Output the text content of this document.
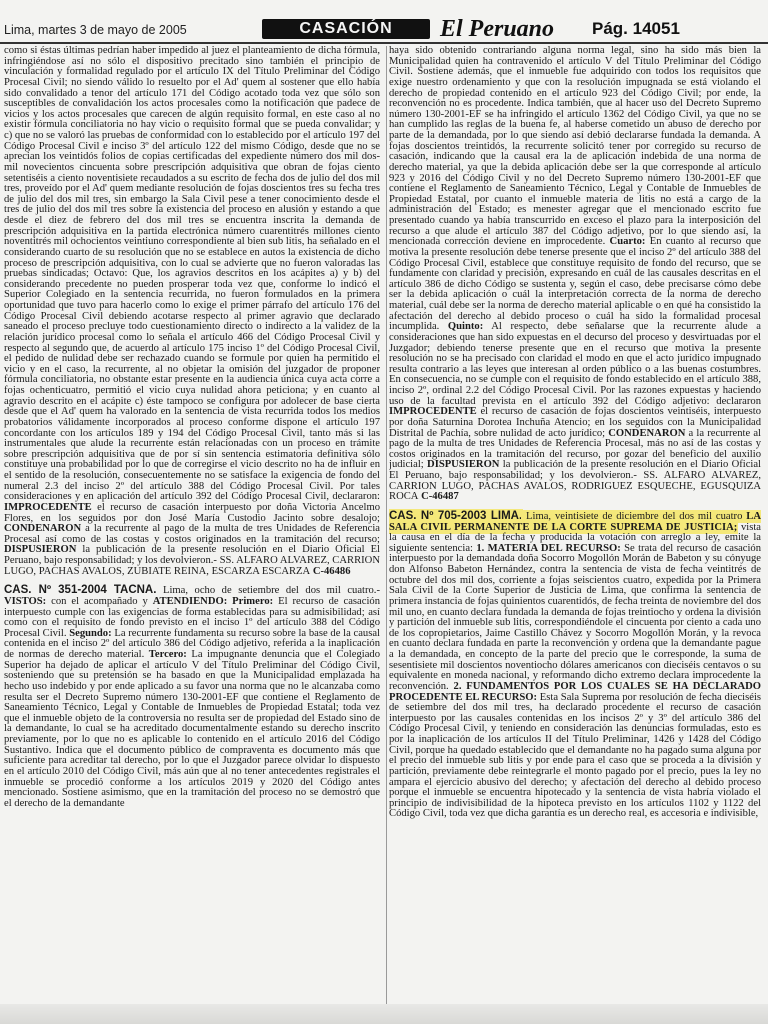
Lima, martes 3 de mayo de 2005	CASACIÓN	El Peruano Pág. 14051

como si éstas últimas pedrían haber impedido al juez el planteamiento de dicha fórmula, infringiéndose así no sólo el dispositivo precitado sino también el principio de vinculación y formalidad regulado por el artículo IX del Título Preliminar del Código Procesal Civil; no siendo válido lo resuelto por el Ad' quem al sostener que ello había sido convalidado a tenor del artículo 171 del Código acotado toda vez que sólo son susceptibles de convalidación los actos procesales como la notificación que padece de vicios y los actos procesales que carecen de algún requisito formal, en este caso al no existir fórmula conciliatoria no hay vicio o requisito formal que se pueda convalidar; y c) que no se valoró las pruebas de conformidad con lo establecido por el artículo 197 del Código Procesal Civil e inciso 3º del artículo 122 del mismo Código, desde que no se aprecian los veintidós folios de copias certificadas del expediente número dos mil dos-mil novecientos cincuenta sobre prescripción adquisitiva que obran de fojas ciento setentiséis a ciento noventisiete recaudados a su escrito de fecha dos de julio del dos mil tres, proveído por el Ad' quem mediante resolución de fojas doscientos tres su fecha tres de julio del dos mil tres, sin embargo la Sala Civil pese a tener conocimiento desde el tres de julio del dos mil tres sobre la existencia del proceso en alusión y estando a que desde el diez de febrero del dos mil tres se encuentra inscrita la demanda de prescripción adquisitiva en la partida electrónica número cuarentitrés millones ciento noventitrés mil ochocientos veintiuno correspondiente al bien sub litis, ha señalado en el considerando cuarto de su resolución que no se establece en autos la existencia de dicho proceso de prescripción adquisitiva, con lo cual se advierte que no fueron valoradas las pruebas sindicadas; Octavo: Que, los agravios descritos en los acápites a) y b) del considerando precedente no pueden prosperar toda vez que, conforme lo indicó el Superior Colegiado en la sentencia recurrida, no fueron formulados en la primera oportunidad que tuvo para hacerlo como lo exige el primer párrafo del artículo 176 del Código Procesal Civil debiendo acotarse respecto al primer agravio que declarado saneado el proceso precluye todo cuestionamiento directo o indirecto a la validez de la relación jurídico procesal como lo señala el artículo 466 del Código Procesal Civil y respecto al segundo que, de acuerdo al artículo 175 inciso 1º del Código Procesal Civil, el pedido de nulidad debe ser rechazado cuando se formule por quien ha permitido el vicio y en el caso, la recurrente, al no objetar la omisión del juzgador de proponer fórmula conciliatoria, no obstante estar presente en la audiencia única cuya acta corre a fojas ochenticuatro, permitió el vicio cuya nulidad ahora peticiona; y en cuanto al agravio descrito en el acápite c) éste tampoco se configura por adolecer de base cierta desde que el Ad' quem ha valorado en la sentencia de vista recurrida todos los medios probatorios válidamente incorporados al proceso conforme dispone el artículo 197 concordante con los artículos 189 y 194 del Código Procesal Civil, tanto más si las instrumentales que alude la recurrente están relacionadas con un proceso en trámite sobre prescripción adquisitiva que de por sí sin sentencia estimatoria definitiva sólo constituye una probabilidad por lo que de corregirse el vicio descrito no ha de influir en el sentido de la resolución, consecuentemente no se satisface la exigencia de fondo del numeral 2.3 del inciso 2º del artículo 388 del Código Procesal Civil. Por tales consideraciones y en aplicación del artículo 392 del Código Procesal Civil, declararon: IMPROCEDENTE el recurso de casación interpuesto por doña Victoria Ancelmo Flores, en los seguidos por don José María Custodio Jacinto sobre desalojo; CONDENARON a la recurrente al pago de la multa de tres Unidades de Referencia Procesal así como de las costas y costos originados en la tramitación del recurso; DISPUSIERON la publicación de la presente resolución en el Diario Oficial El Peruano, bajo responsabilidad; y los devolvieron.- SS. ALFARO ALVAREZ, CARRION LUGO, PACHAS AVALOS, ZUBIATE REINA, ESCARZA ESCARZA C-46486

CAS. Nº 351-2004 TACNA. Lima, ocho de setiembre del dos mil cuatro.- VISTOS: con el acompañado y ATENDIENDO: Primero: El recurso de casación interpuesto cumple con las exigencias de forma establecidas para su admisibilidad; así como con el requisito de fondo previsto en el inciso 1º del artículo 388 del Código Procesal Civil. Segundo: La recurrente fundamenta su recurso sobre la base de la causal contenida en el inciso 2º del artículo 386 del Código adjetivo, referida a la inaplicación de normas de derecho material. Tercero: La impugnante denuncia que el Colegiado Superior ha dejado de aplicar el artículo V del Título Preliminar del Código Civil, sosteniendo que su pretensión se ha basado en que la Municipalidad emplazada ha hecho uso indebido y por ende aplicado a su favor una norma que no le alcanzaba como resulta ser el Decreto Supremo número 130-2001-EF que contiene el Reglamento de Saneamiento Técnico, Legal y Contable de Inmuebles de Propiedad Estatal; toda vez que el inmueble objeto de la controversia no resulta ser de propiedad del Estado sino de la demandante, lo cual se ha acreditado documentalmente estando su derecho inscrito previamente, por lo que no es aplicable lo contenido en el artículo 2016 del Código Sustantivo. Indica que el documento público de compraventa es documento más que suficiente para acreditar tal derecho, por lo que el Juzgador parece olvidar lo dispuesto en el artículo 2010 del Código Civil, más aún que al no tener antecedentes registrales el inmueble se procedió conforme a los artículos 2019 y 2020 del Código antes mencionado. Sostiene asimismo, que en la tramitación del proceso no se demostró que el derecho de la demandante

haya sido obtenido contrariando alguna norma legal, sino ha sido más bien la Municipalidad quien ha contravenido el artículo V del Título Preliminar del Código Civil. Sostiene además, que el inmueble fue adquirido con todos los requisitos que exige nuestro ordenamiento y que con la resolución impugnada se está violando el derecho de propiedad contenido en el artículo 923 del Código Civil; por ende, la reconvención no es procedente. Indica también, que al hacer uso del Decreto Supremo número 130-2001-EF se ha infringido el artículo 1362 del Código Civil, ya que no se han cumplido las reglas de la buena fe, al haberse cometido un abuso de derecho por parte de la demandada, por lo que siendo así debió declararse fundada la demanda. A fojas doscientos treintidós, la recurrente solicitó tener por corregido su recurso de casación, indicando que la causal era la de aplicación indebida de una norma de derecho material, ya que la debida aplicación debe ser la que corresponde al artículo 923 y 2016 del Código Civil y no del Decreto Supremo número 130-2001-EF que contiene el Reglamento de Saneamiento Técnico, Legal y Contable de Inmuebles de Propiedad Estatal, por cuanto el inmueble materia de litis no está a cargo de la administración del Estado; es menester agregar que el mencionado escrito fue presentado cuando ya había transcurrido en exceso el plazo para la interposición del recurso a que alude el artículo 387 del Código adjetivo, por lo que siendo así, la mencionada corrección deviene en improcedente. Cuarto: En cuanto al recurso que motiva la presente resolución debe tenerse presente que el inciso 2º del artículo 388 del Código Procesal Civil, establece que constituye requisito de fondo del recurso, que se fundamente con claridad y precisión, expresando en cuál de las causales descritas en el artículo 386 de dicho Código se sustenta y, según el caso, debe precisarse cómo debe ser la debida aplicación o cuál la interpretación correcta de la norma de derecho material, cuál debe ser la norma de derecho material aplicable o en qué ha consistido la afectación del derecho al debido proceso o cuál ha sido la formalidad procesal incumplida. Quinto: Al respecto, debe señalarse que la recurrente alude a consideraciones que han sido expuestas en el decurso del proceso y desvirtuadas por el Juzgador; debiendo tenerse presente que en el recurso que motiva la presente resolución no se ha precisado con claridad el modo en que el acto jurídico impugnado resulta contrario a las leyes que interesan al orden público o a las buenas costumbres. En consecuencia, no se cumple con el requisito de fondo establecido en el artículo 388, inciso 2º, ordinal 2.2 del Código Procesal Civil. Por las razones expuestas y haciendo uso de la facultad prevista en el artículo 392 del Código adjetivo: declararon IMPROCEDENTE el recurso de casación de fojas doscientos veintiséis, interpuesto por doña Saturnina Dorotea Inchuña Atencio; en los seguidos con la Municipalidad Distrital de Pachía, sobre nulidad de acto jurídico; CONDENARON a la recurrente al pago de la multa de tres Unidades de Referencia Procesal, más no así de las costas y costos originados en la tramitación del recurso, por gozar del beneficio del auxilio judicial; DISPUSIERON la publicación de la presente resolución en el Diario Oficial El Peruano, bajo responsabilidad; y los devolvieron.- SS. ALFARO ALVAREZ, CARRION LUGO, PACHAS AVALOS, RODRIGUEZ ESQUECHE, EGUSQUIZA ROCA C-46487

CAS. Nº 705-2003 LIMA. Lima, veintisiete de diciembre del dos mil cuatro LA SALA CIVIL PERMANENTE DE LA CORTE SUPREMA DE JUSTICIA; vista la causa en el día de la fecha y producida la votación con arreglo a ley, emite la siguiente sentencia: 1. MATERIA DEL RECURSO: Se trata del recurso de casación interpuesto por la demandada doña Socorro Mogollón Morán de Babeton y su cónyuge don Alfonso Babeton Hernández, contra la sentencia de vista de fecha veintitrés de octubre del dos mil dos, corriente a fojas seiscientos cuatro, expedida por la Primera Sala Civil de la Corte Superior de Justicia de Lima, que confirma la sentencia de primera instancia de fojas quinientos cuarentidós, de fecha treinta de noviembre del dos mil uno, en cuanto declara fundada la demanda de fojas treintiocho y ordena la división y partición del inmueble sub litis, correspondiéndole el cincuenta por ciento a cada uno de los copropietarios, Jaime Castillo Chávez y Socorro Mogollón Morán, y la revoca en cuanto declara fundada en parte la reconvención y ordena que la demandante pague a la demandada, en concepto de la parte del precio que le corresponde, la suma de sesentisiete mil doscientos noventiocho dólares americanos con dieciséis centavos o su equivalente en moneda nacional, y reformando dicho extremo declara improcedente la reconvención. 2. FUNDAMENTOS POR LOS CUALES SE HA DECLARADO PROCEDENTE EL RECURSO: Esta Sala Suprema por resolución de fecha dieciséis de setiembre del dos mil tres, ha declarado procedente el recurso de casación interpuesto por las causales contenidas en los incisos 2º y 3º del artículo 386 del Código Procesal Civil, y teniendo en consideración las denuncias formuladas, esto es por la inaplicación de los artículos II del Título Preliminar, 1426 y 1428 del Código Civil, porque ha quedado establecido que el demandante no ha pagado suma alguna por el precio del inmueble sub litis y por ende para el caso que se proceda a la división y partición, previamente debe reintegrarle el monto pagado por el precio, pues la ley no ampara el ejercicio abusivo del derecho; y afectación del derecho al debido proceso porque el inmueble se encuentra hipotecado y la sentencia de vista habría violado el principio de indivisibilidad de la hipoteca previsto en los artículos 1102 y 1122 del Código Civil, toda vez que dicha garantía es un derecho real, es accesoria e indivisible,
